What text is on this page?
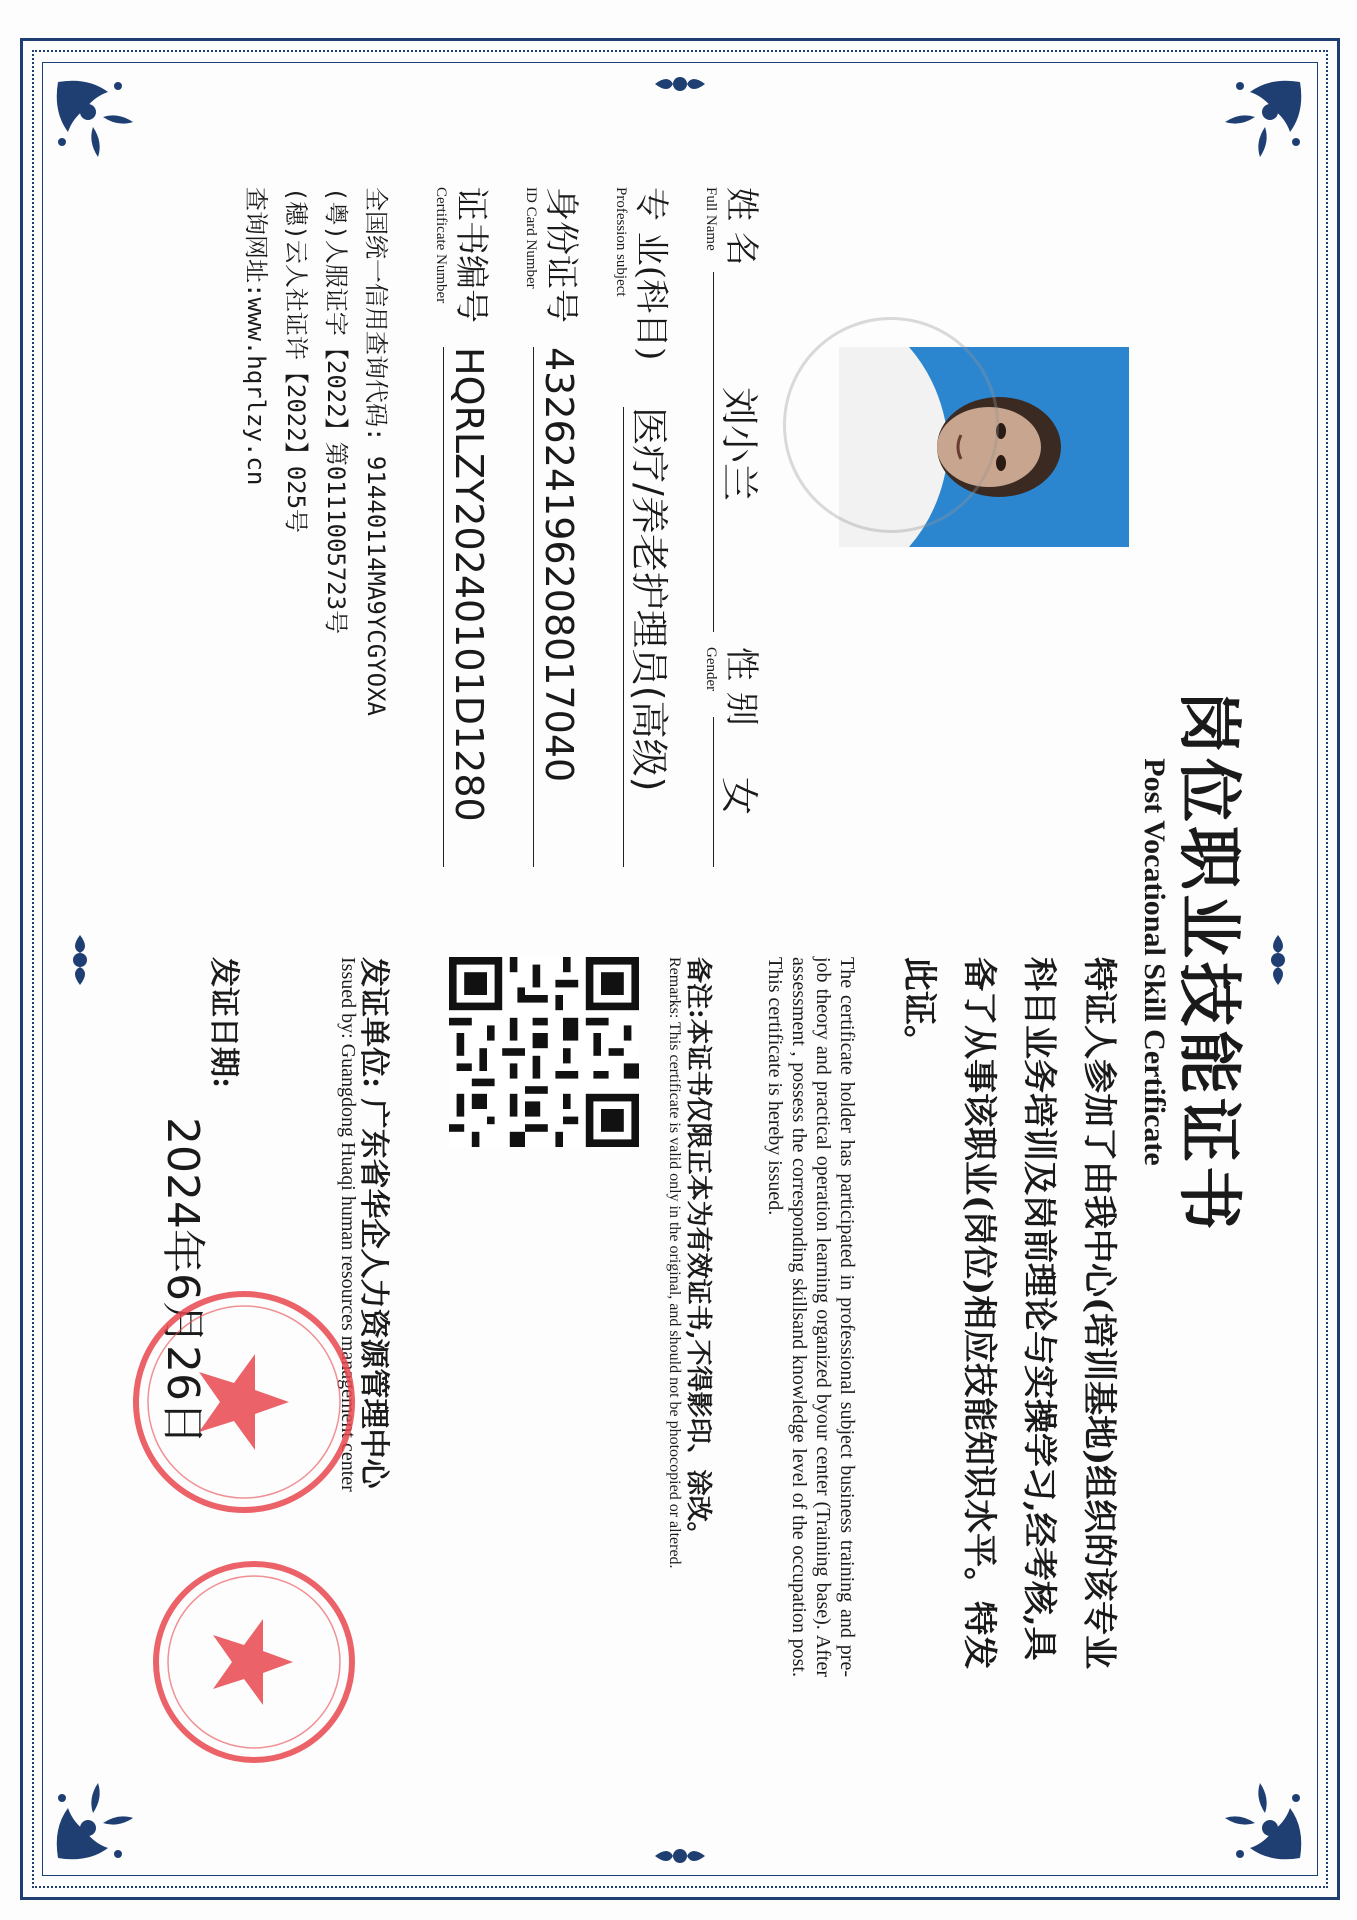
岗位职业技能证书
Post Vocational Skill Certificate
姓 名
Full Name
刘小兰
性 别
Gender
女
专 业(科目)
Profession subject
医疗/养老护理员(高级)
身份证号
ID Card Number
432624196208017040
证书编号
Certificate Number
HQRLZY20240101D1280
全国统一信用查询代码: 91440114MA9YCGYOXA
(粤)人服证字【2022】第0111005723号
(穗)云人社证许【2022】025号
查询网址:www.hqrlzy.cn
特证人参加了由我中心(培训基地)组织的该专业科目业务培训及岗前理论与实操学习,经考核,具备了从事该职业(岗位)相应技能知识水平。特发此证。
The certificate holder has participated in professional subject business training and pre-job theory and practical operation learning organized byour center (Training base). After assessment , possess the corresponding skillsand knowledge level of the occupation post. This certificate is hereby issued.
备注:本证书仅限正本为有效证书,不得影印、涂改。
Remarks: This certificate is valid only in the original, and should not be photocopied or altered.
发证单位: 广东省华企人力资源管理中心
Issued by: Guangdong Huaqi human resources management center
发证日期:
2024年6月26日
